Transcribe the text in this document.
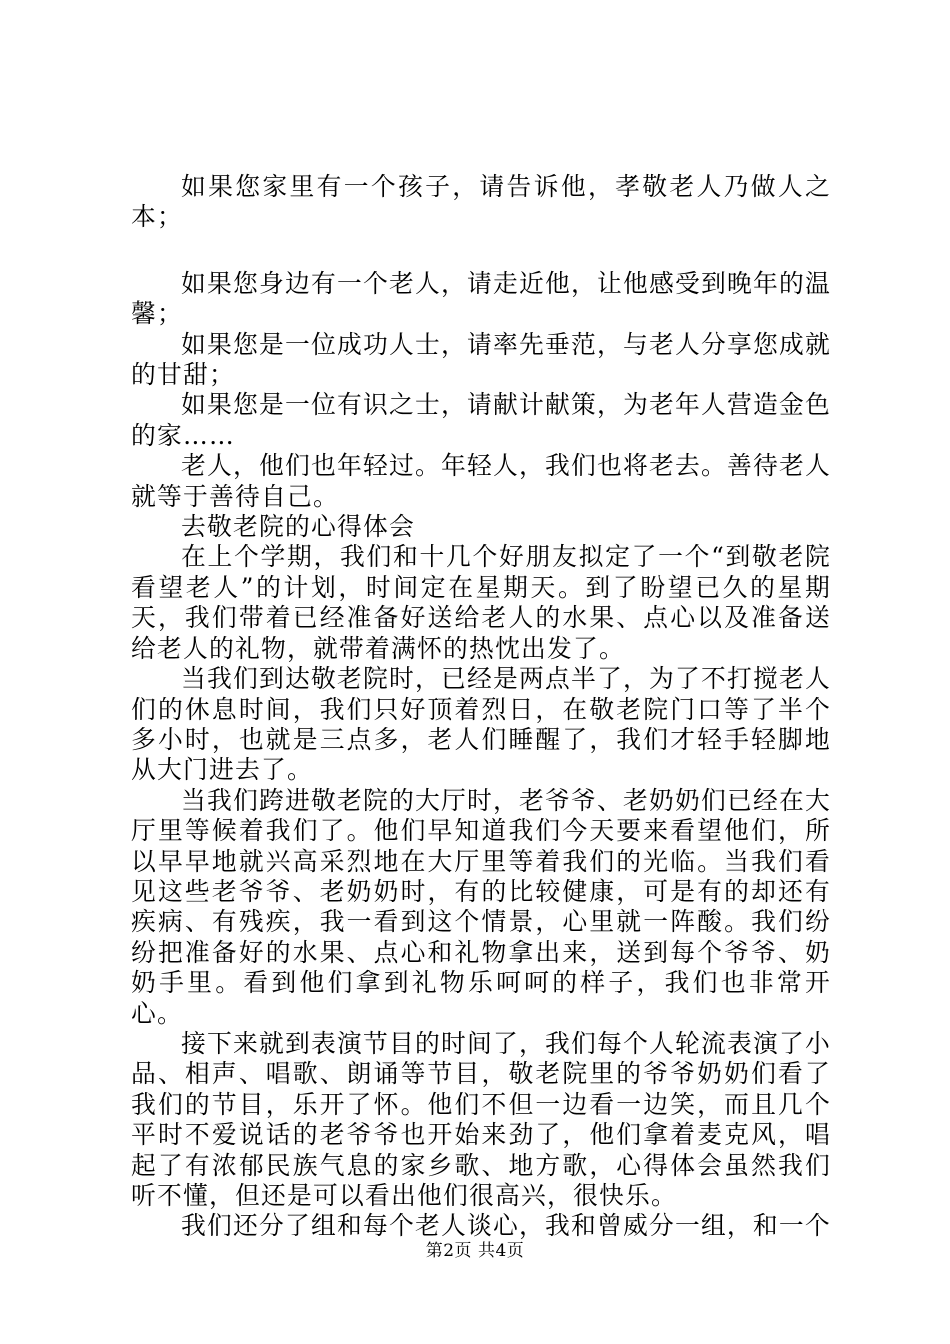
如果您家里有一个孩子，请告诉他，孝敬老人乃做人之本；

如果您身边有一个老人，请走近他，让他感受到晚年的温馨；

如果您是一位成功人士，请率先垂范，与老人分享您成就的甘甜；

如果您是一位有识之士，请献计献策，为老年人营造金色的家……

老人，他们也年轻过。年轻人，我们也将老去。善待老人就等于善待自己。

去敬老院的心得体会

在上个学期，我们和十几个好朋友拟定了一个“到敬老院看望老人”的计划，时间定在星期天。到了盼望已久的星期天，我们带着已经准备好送给老人的水果、点心以及准备送给老人的礼物，就带着满怀的热忱出发了。

当我们到达敬老院时，已经是两点半了，为了不打搅老人们的休息时间，我们只好顶着烈日，在敬老院门口等了半个多小时，也就是三点多，老人们睡醒了，我们才轻手轻脚地从大门进去了。

当我们跨进敬老院的大厅时，老爷爷、老奶奶们已经在大厅里等候着我们了。他们早知道我们今天要来看望他们，所以早早地就兴高采烈地在大厅里等着我们的光临。当我们看见这些老爷爷、老奶奶时，有的比较健康，可是有的却还有疾病、有残疾，我一看到这个情景，心里就一阵酸。我们纷纷把准备好的水果、点心和礼物拿出来，送到每个爷爷、奶奶手里。看到他们拿到礼物乐呵呵的样子，我们也非常开心。

接下来就到表演节目的时间了，我们每个人轮流表演了小品、相声、唱歌、朗诵等节目，敬老院里的爷爷奶奶们看了我们的节目，乐开了怀。他们不但一边看一边笑，而且几个平时不爱说话的老爷爷也开始来劲了，他们拿着麦克风，唱起了有浓郁民族气息的家乡歌、地方歌，心得体会虽然我们听不懂，但还是可以看出他们很高兴，很快乐。

我们还分了组和每个老人谈心，我和曾威分一组，和一个

第2页 共4页
